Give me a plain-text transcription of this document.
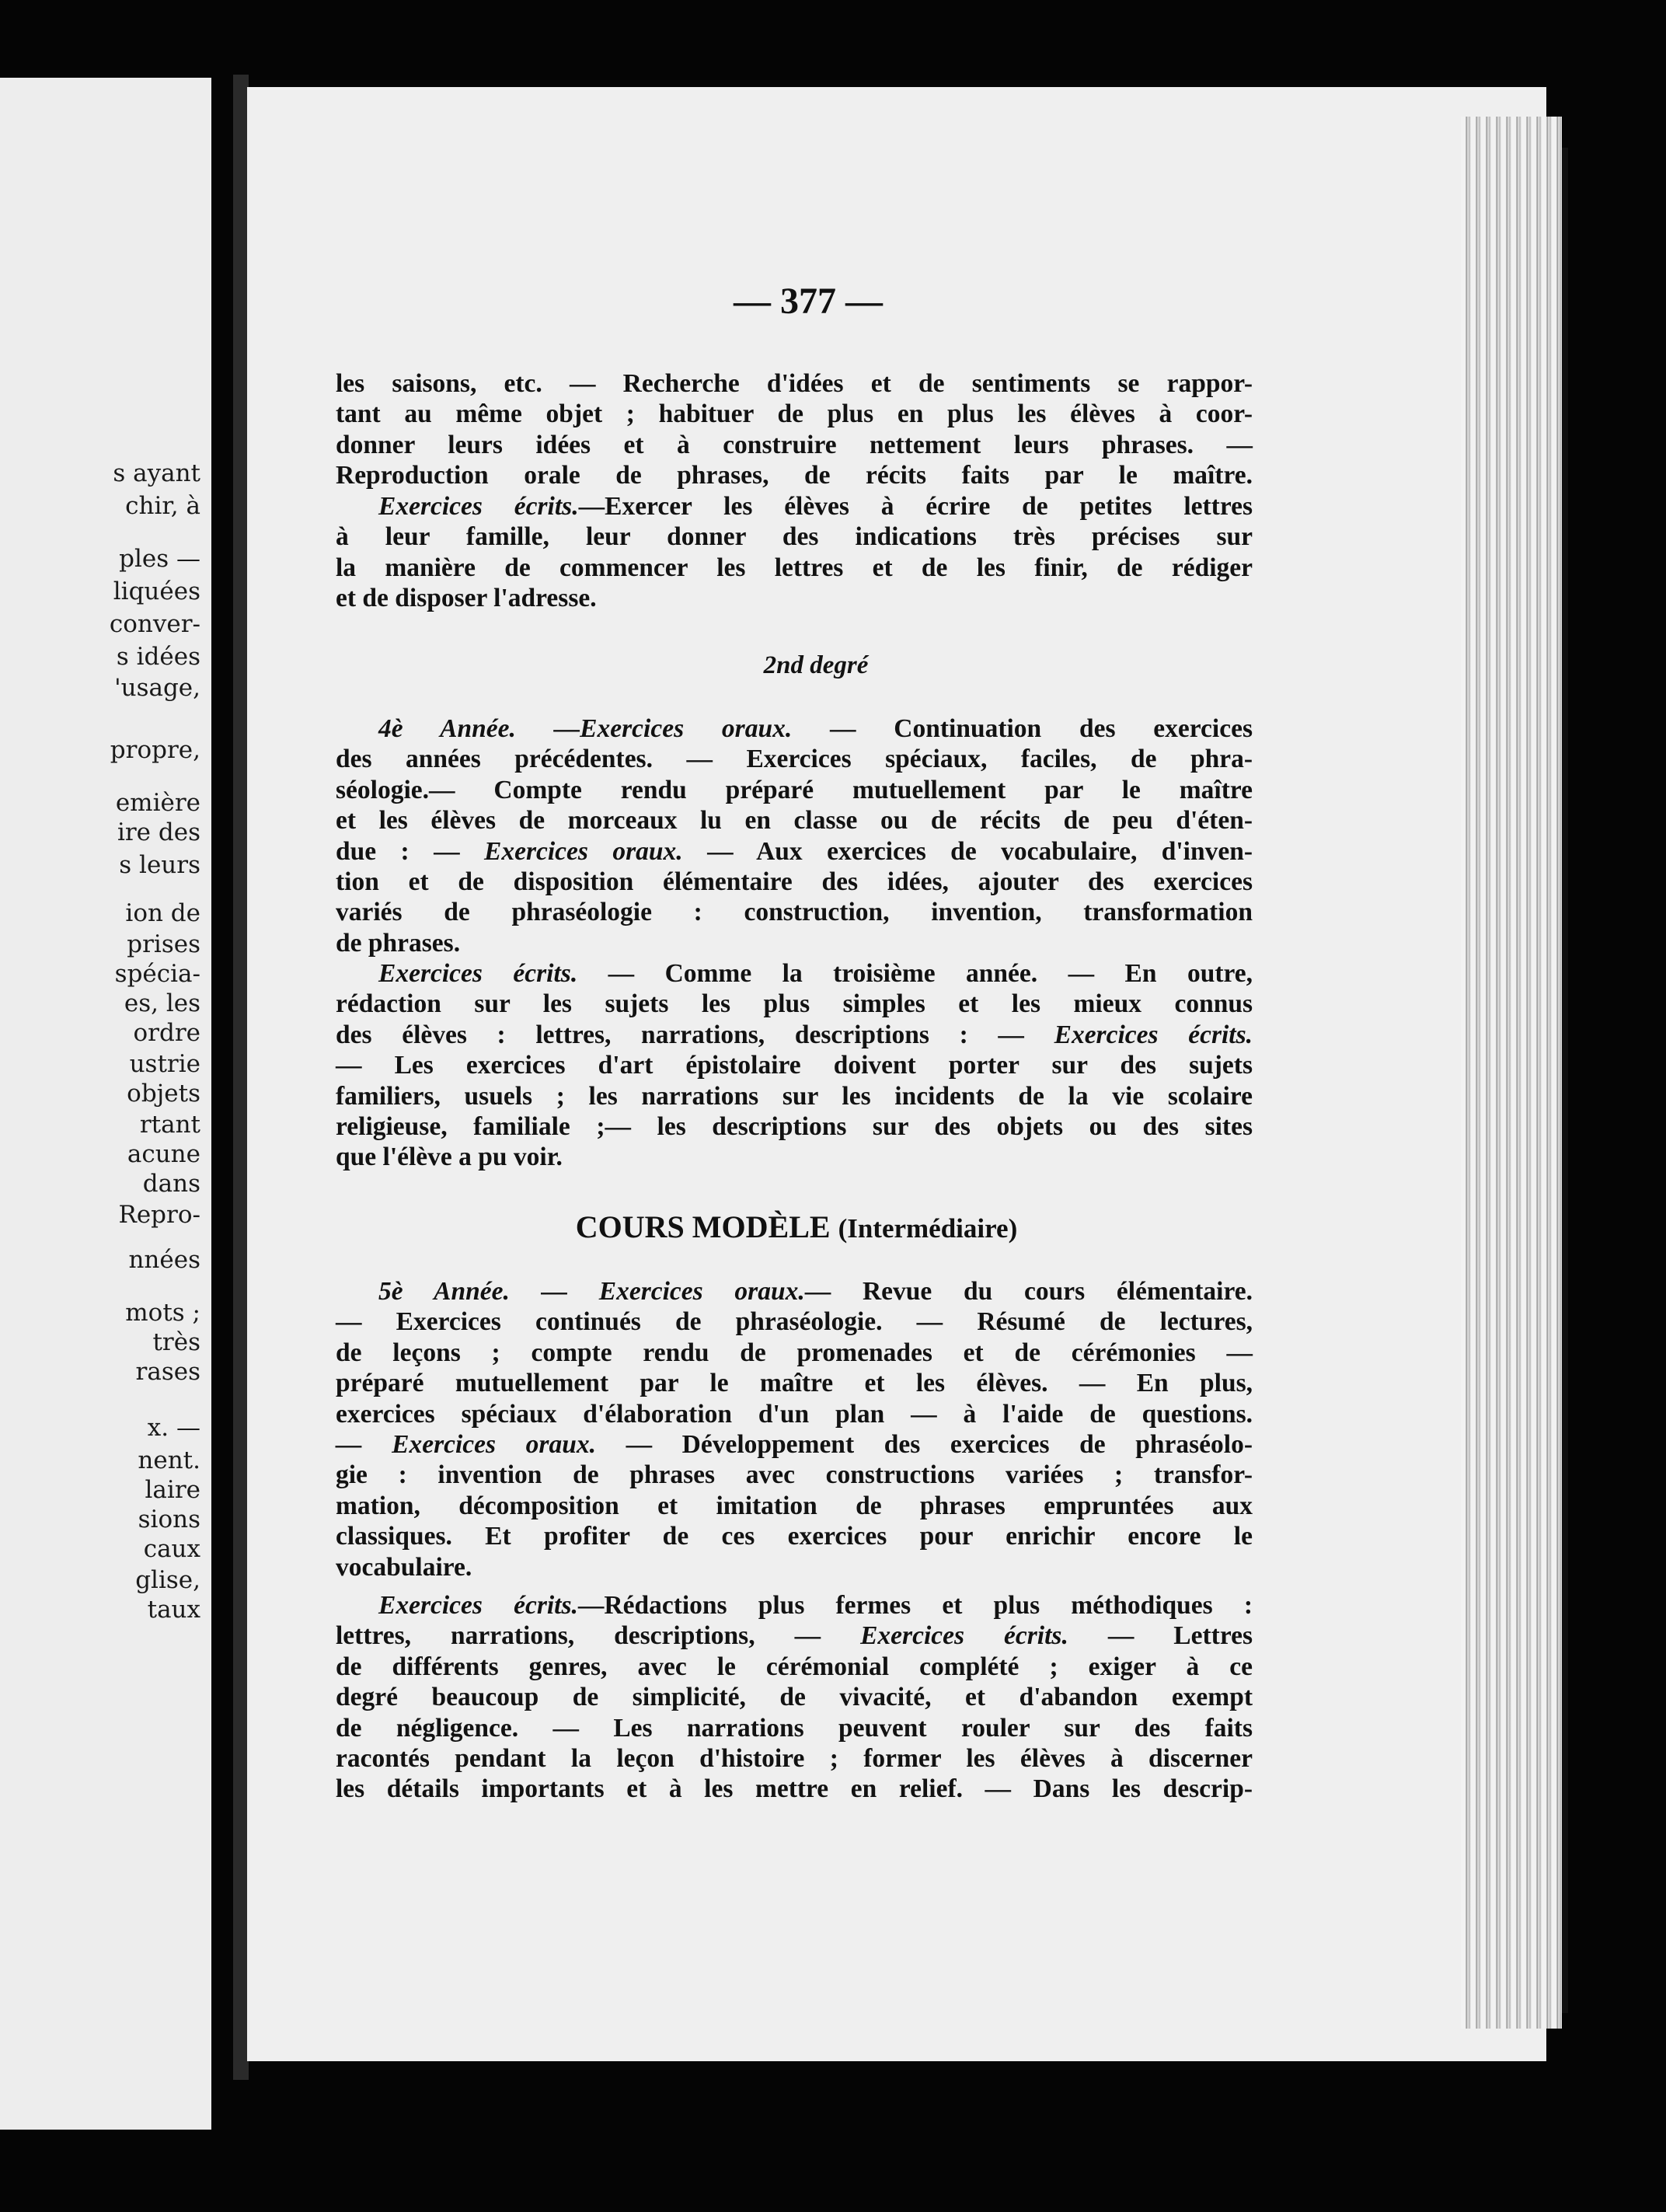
s ayant
chir, à
ples —
liquées
conver-
s idées
'usage,
propre,
emière
ire des
s leurs
ion de
prises
spécia-
es, les
ordre
ustrie
objets
rtant
acune
dans
Repro-
nnées
mots ;
très
rases
x. —
nent.
laire
sions
caux
glise,
taux
— 377 —
les saisons, etc. — Recherche d'idées et de sentiments se rappor-
tant au même objet ; habituer de plus en plus les élèves à coor-
donner leurs idées et à construire nettement leurs phrases. —
Reproduction orale de phrases, de récits faits par le maître.
Exercices écrits.—Exercer les élèves à écrire de petites lettres
à leur famille, leur donner des indications très précises sur
la manière de commencer les lettres et de les finir, de rédiger
et de disposer l'adresse.
2nd degré
4è Année. —Exercices oraux. — Continuation des exercices
des années précédentes. — Exercices spéciaux, faciles, de phra-
séologie.— Compte rendu préparé mutuellement par le maître
et les élèves de morceaux lu en classe ou de récits de peu d'éten-
due : — Exercices oraux. — Aux exercices de vocabulaire, d'inven-
tion et de disposition élémentaire des idées, ajouter des exercices
variés de phraséologie : construction, invention, transformation
de phrases.
Exercices écrits. — Comme la troisième année. — En outre,
rédaction sur les sujets les plus simples et les mieux connus
des élèves : lettres, narrations, descriptions : — Exercices écrits.
— Les exercices d'art épistolaire doivent porter sur des sujets
familiers, usuels ; les narrations sur les incidents de la vie scolaire
religieuse, familiale ;— les descriptions sur des objets ou des sites
que l'élève a pu voir.
COURS MODÈLE (Intermédiaire)
5è Année. — Exercices oraux.— Revue du cours élémentaire.
— Exercices continués de phraséologie. — Résumé de lectures,
de leçons ; compte rendu de promenades et de cérémonies —
préparé mutuellement par le maître et les élèves. — En plus,
exercices spéciaux d'élaboration d'un plan — à l'aide de questions.
— Exercices oraux. — Développement des exercices de phraséolo-
gie : invention de phrases avec constructions variées ; transfor-
mation, décomposition et imitation de phrases empruntées aux
classiques. Et profiter de ces exercices pour enrichir encore le
vocabulaire.
Exercices écrits.—Rédactions plus fermes et plus méthodiques :
lettres, narrations, descriptions, — Exercices écrits. — Lettres
de différents genres, avec le cérémonial complété ; exiger à ce
degré beaucoup de simplicité, de vivacité, et d'abandon exempt
de négligence. — Les narrations peuvent rouler sur des faits
racontés pendant la leçon d'histoire ; former les élèves à discerner
les détails importants et à les mettre en relief. — Dans les descrip-
